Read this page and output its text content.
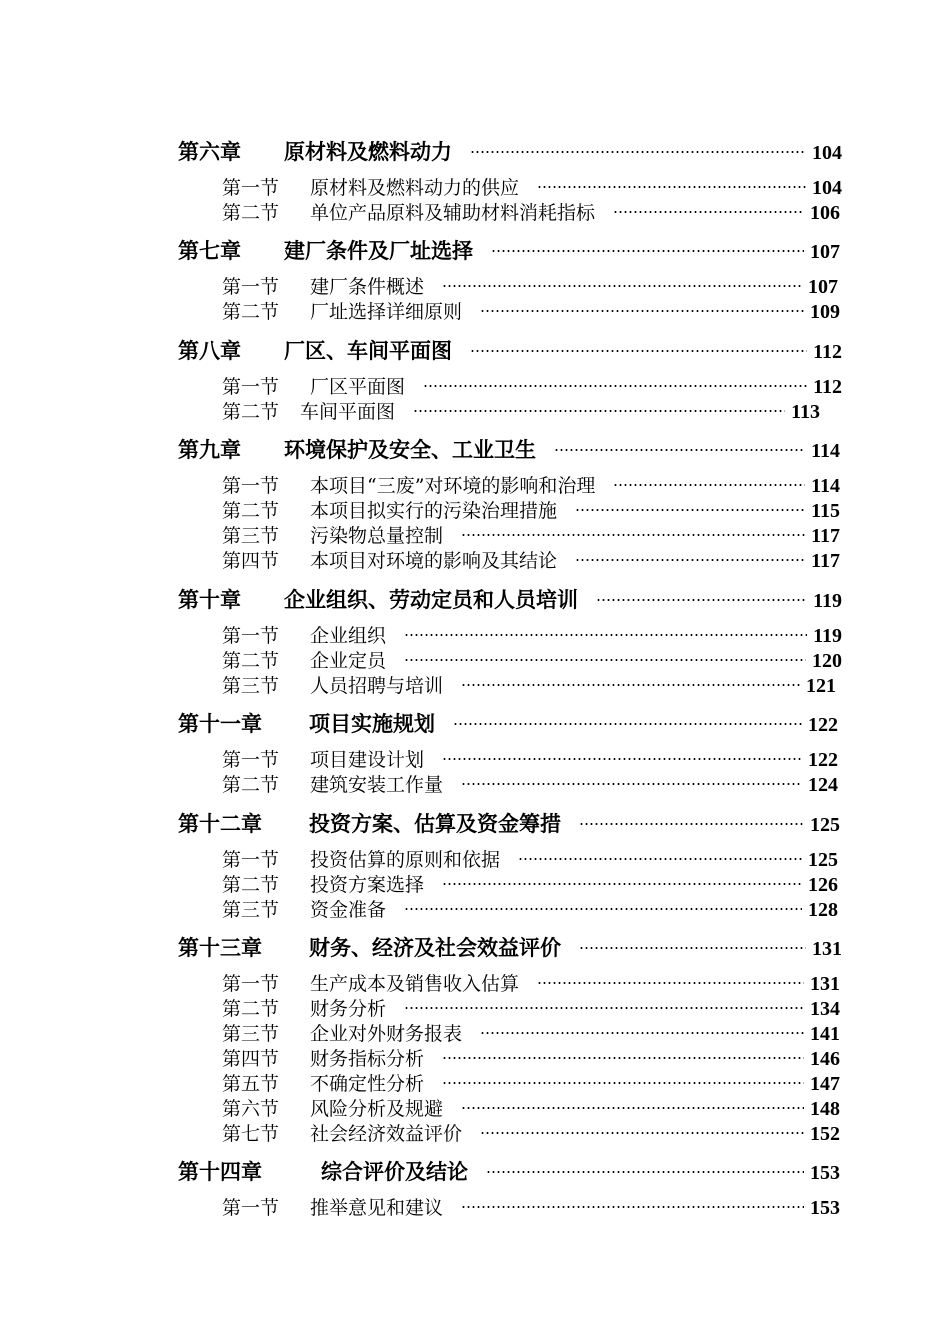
第六章	原材料及燃料动力	104
第一节	原材料及燃料动力的供应	104
第二节	单位产品原料及辅助材料消耗指标	106
第七章	建厂条件及厂址选择	107
第一节	建厂条件概述	107
第二节	厂址选择详细原则	109
第八章	厂区、车间平面图	112
第一节	厂区平面图	112
第二节	车间平面图	113
第九章	环境保护及安全、工业卫生	114
第一节	本项目“三废”对环境的影响和治理	114
第二节	本项目拟实行的污染治理措施	115
第三节	污染物总量控制	117
第四节	本项目对环境的影响及其结论	117
第十章	企业组织、劳动定员和人员培训	119
第一节	企业组织	119
第二节	企业定员	120
第三节	人员招聘与培训	121
第十一章	项目实施规划	122
第一节	项目建设计划	122
第二节	建筑安装工作量	124
第十二章	投资方案、估算及资金筹措	125
第一节	投资估算的原则和依据	125
第二节	投资方案选择	126
第三节	资金准备	128
第十三章	财务、经济及社会效益评价	131
第一节	生产成本及销售收入估算	131
第二节	财务分析	134
第三节	企业对外财务报表	141
第四节	财务指标分析	146
第五节	不确定性分析	147
第六节	风险分析及规避	148
第七节	社会经济效益评价	152
第十四章	综合评价及结论	153
第一节	推举意见和建议	153
